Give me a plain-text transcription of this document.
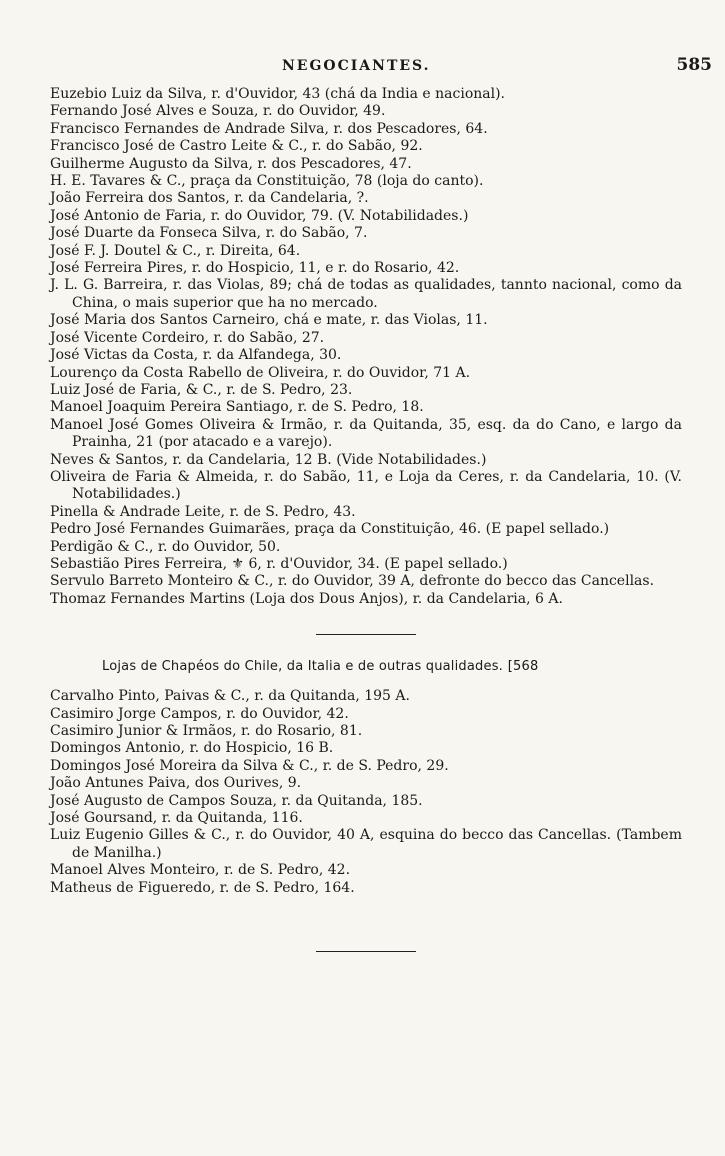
NEGOCIANTES.	585

Euzebio Luiz da Silva, r. d'Ouvidor, 43 (chá da India e nacional).

Fernando José Alves e Souza, r. do Ouvidor, 49.

Francisco Fernandes de Andrade Silva, r. dos Pescadores, 64.

Francisco José de Castro Leite & C., r. do Sabão, 92.

Guilherme Augusto da Silva, r. dos Pescadores, 47.

H. E. Tavares & C., praça da Constituição, 78 (loja do canto).

João Ferreira dos Santos, r. da Candelaria, ?.

José Antonio de Faria, r. do Ouvidor, 79. (V. Notabilidades.)

José Duarte da Fonseca Silva, r. do Sabão, 7.

José F. J. Doutel & C., r. Direita, 64.

José Ferreira Pires, r. do Hospicio, 11, e r. do Rosario, 42.

J. L. G. Barreira, r. das Violas, 89; chá de todas as qualidades, tannto nacional, como da China, o mais superior que ha no mercado.

José Maria dos Santos Carneiro, chá e mate, r. das Violas, 11.

José Vicente Cordeiro, r. do Sabão, 27.

José Victas da Costa, r. da Alfandega, 30.

Lourenço da Costa Rabello de Oliveira, r. do Ouvidor, 71 A.

Luiz José de Faria, & C., r. de S. Pedro, 23.

Manoel Joaquim Pereira Santiago, r. de S. Pedro, 18.

Manoel José Gomes Oliveira & Irmão, r. da Quitanda, 35, esq. da do Cano, e largo da Prainha, 21 (por atacado e a varejo).

Neves & Santos, r. da Candelaria, 12 B. (Vide Notabilidades.)

Oliveira de Faria & Almeida, r. do Sabão, 11, e Loja da Ceres, r. da Candelaria, 10. (V. Notabilidades.)

Pinella & Andrade Leite, r. de S. Pedro, 43.

Pedro José Fernandes Guimarães, praça da Constituição, 46. (E papel sellado.)

Perdigão & C., r. do Ouvidor, 50.

Sebastião Pires Ferreira, ⚜ 6, r. d'Ouvidor, 34. (E papel sellado.)

Servulo Barreto Monteiro & C., r. do Ouvidor, 39 A, defronte do becco das Cancellas.

Thomaz Fernandes Martins (Loja dos Dous Anjos), r. da Candelaria, 6 A.

Lojas de Chapéos do Chile, da Italia e de outras qualidades. [568

Carvalho Pinto, Paivas & C., r. da Quitanda, 195 A.

Casimiro Jorge Campos, r. do Ouvidor, 42.

Casimiro Junior & Irmãos, r. do Rosario, 81.

Domingos Antonio, r. do Hospicio, 16 B.

Domingos José Moreira da Silva & C., r. de S. Pedro, 29.

João Antunes Paiva, dos Ourives, 9.

José Augusto de Campos Souza, r. da Quitanda, 185.

José Goursand, r. da Quitanda, 116.

Luiz Eugenio Gilles & C., r. do Ouvidor, 40 A, esquina do becco das Cancellas. (Tambem de Manilha.)

Manoel Alves Monteiro, r. de S. Pedro, 42.

Matheus de Figueredo, r. de S. Pedro, 164.
